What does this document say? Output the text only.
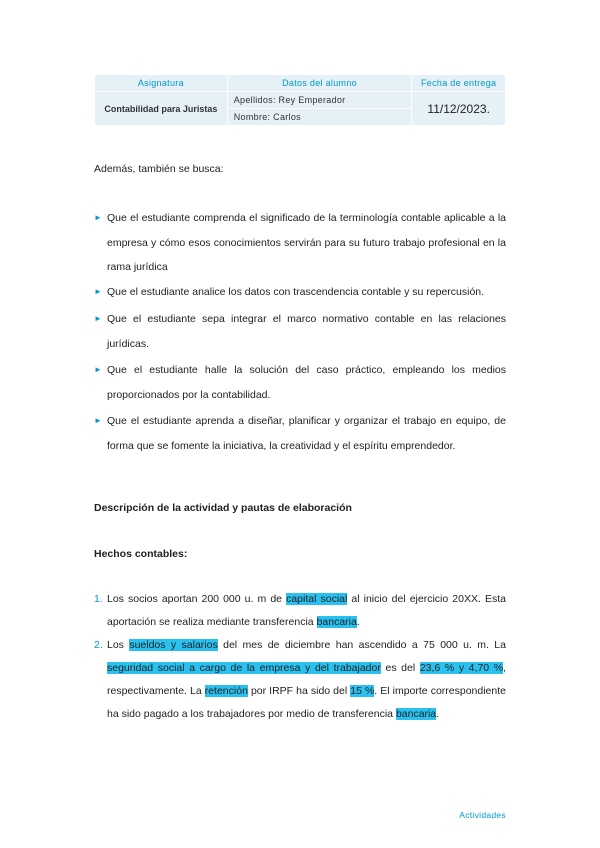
Asignatura	Datos del alumno	Fecha de entrega
Contabilidad para Juristas	Apellidos: Rey Emperador	11/12/2023.
	Nombre: Carlos	
Además, también se busca:
► Que el estudiante comprenda el significado de la terminología contable aplicable a la empresa y cómo esos conocimientos servirán para su futuro trabajo profesional en la rama jurídica
► Que el estudiante analice los datos con trascendencia contable y su repercusión.
► Que el estudiante sepa integrar el marco normativo contable en las relaciones jurídicas.
► Que el estudiante halle la solución del caso práctico, empleando los medios proporcionados por la contabilidad.
► Que el estudiante aprenda a diseñar, planificar y organizar el trabajo en equipo, de forma que se fomente la iniciativa, la creatividad y el espíritu emprendedor.
Descripción de la actividad y pautas de elaboración
Hechos contables:
1. Los socios aportan 200 000 u. m de capital social al inicio del ejercicio 20XX. Esta aportación se realiza mediante transferencia bancaria.
2. Los sueldos y salarios del mes de diciembre han ascendido a 75 000 u. m. La seguridad social a cargo de la empresa y del trabajador es del 23,6 % y 4,70 %, respectivamente. La retención por IRPF ha sido del 15 %. El importe correspondiente ha sido pagado a los trabajadores por medio de transferencia bancaria.
Actividades
